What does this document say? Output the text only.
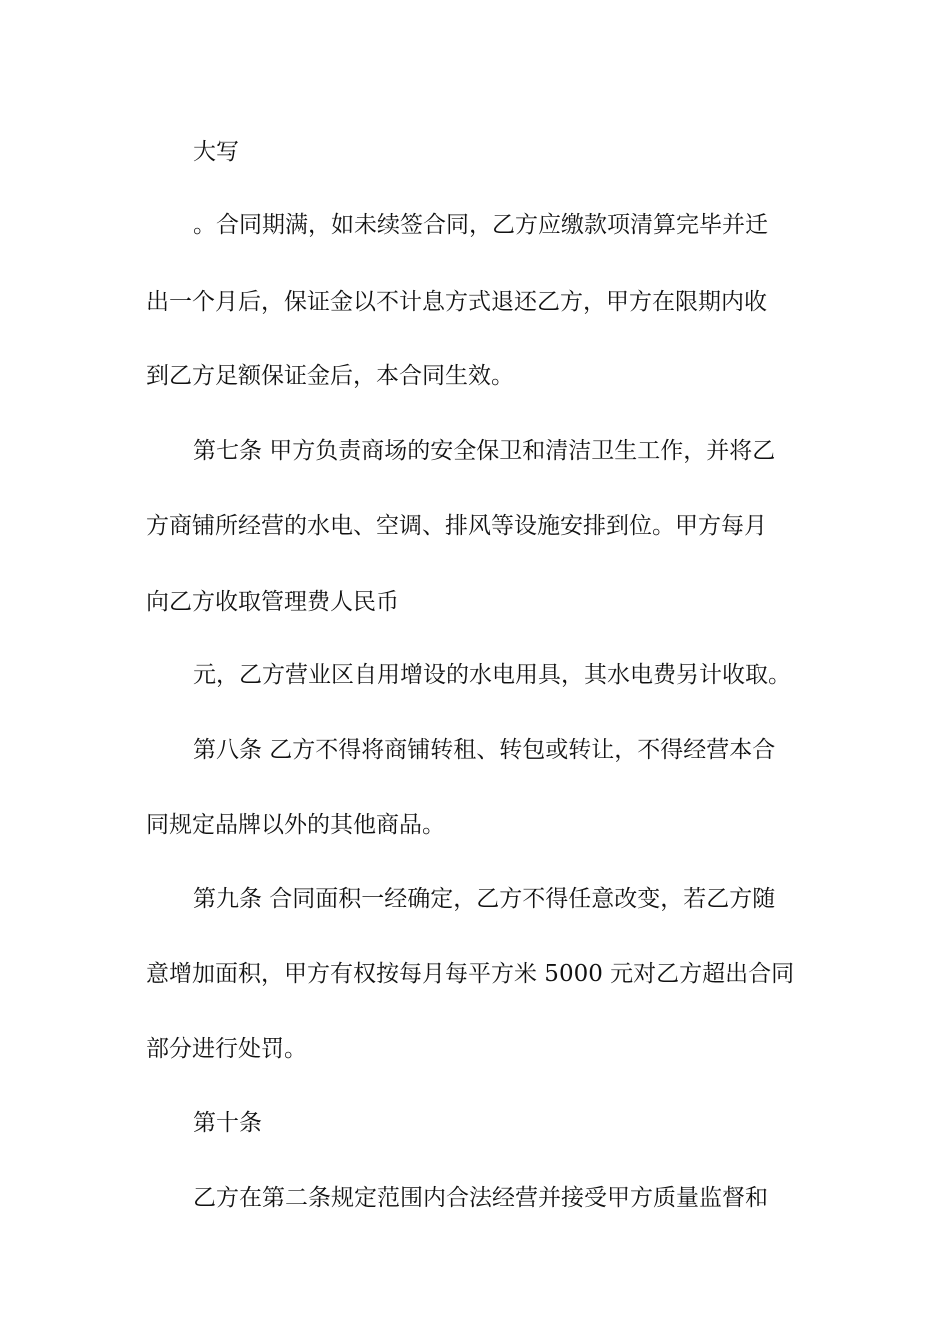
大写
。合同期满，如未续签合同，乙方应缴款项清算完毕并迁
出一个月后，保证金以不计息方式退还乙方，甲方在限期内收
到乙方足额保证金后，本合同生效。
第七条 甲方负责商场的安全保卫和清洁卫生工作，并将乙
方商铺所经营的水电、空调、排风等设施安排到位。甲方每月
向乙方收取管理费人民币
元，乙方营业区自用增设的水电用具，其水电费另计收取。
第八条 乙方不得将商铺转租、转包或转让，不得经营本合
同规定品牌以外的其他商品。
第九条 合同面积一经确定，乙方不得任意改变，若乙方随
意增加面积，甲方有权按每月每平方米 5000 元对乙方超出合同
部分进行处罚。
第十条
乙方在第二条规定范围内合法经营并接受甲方质量监督和
